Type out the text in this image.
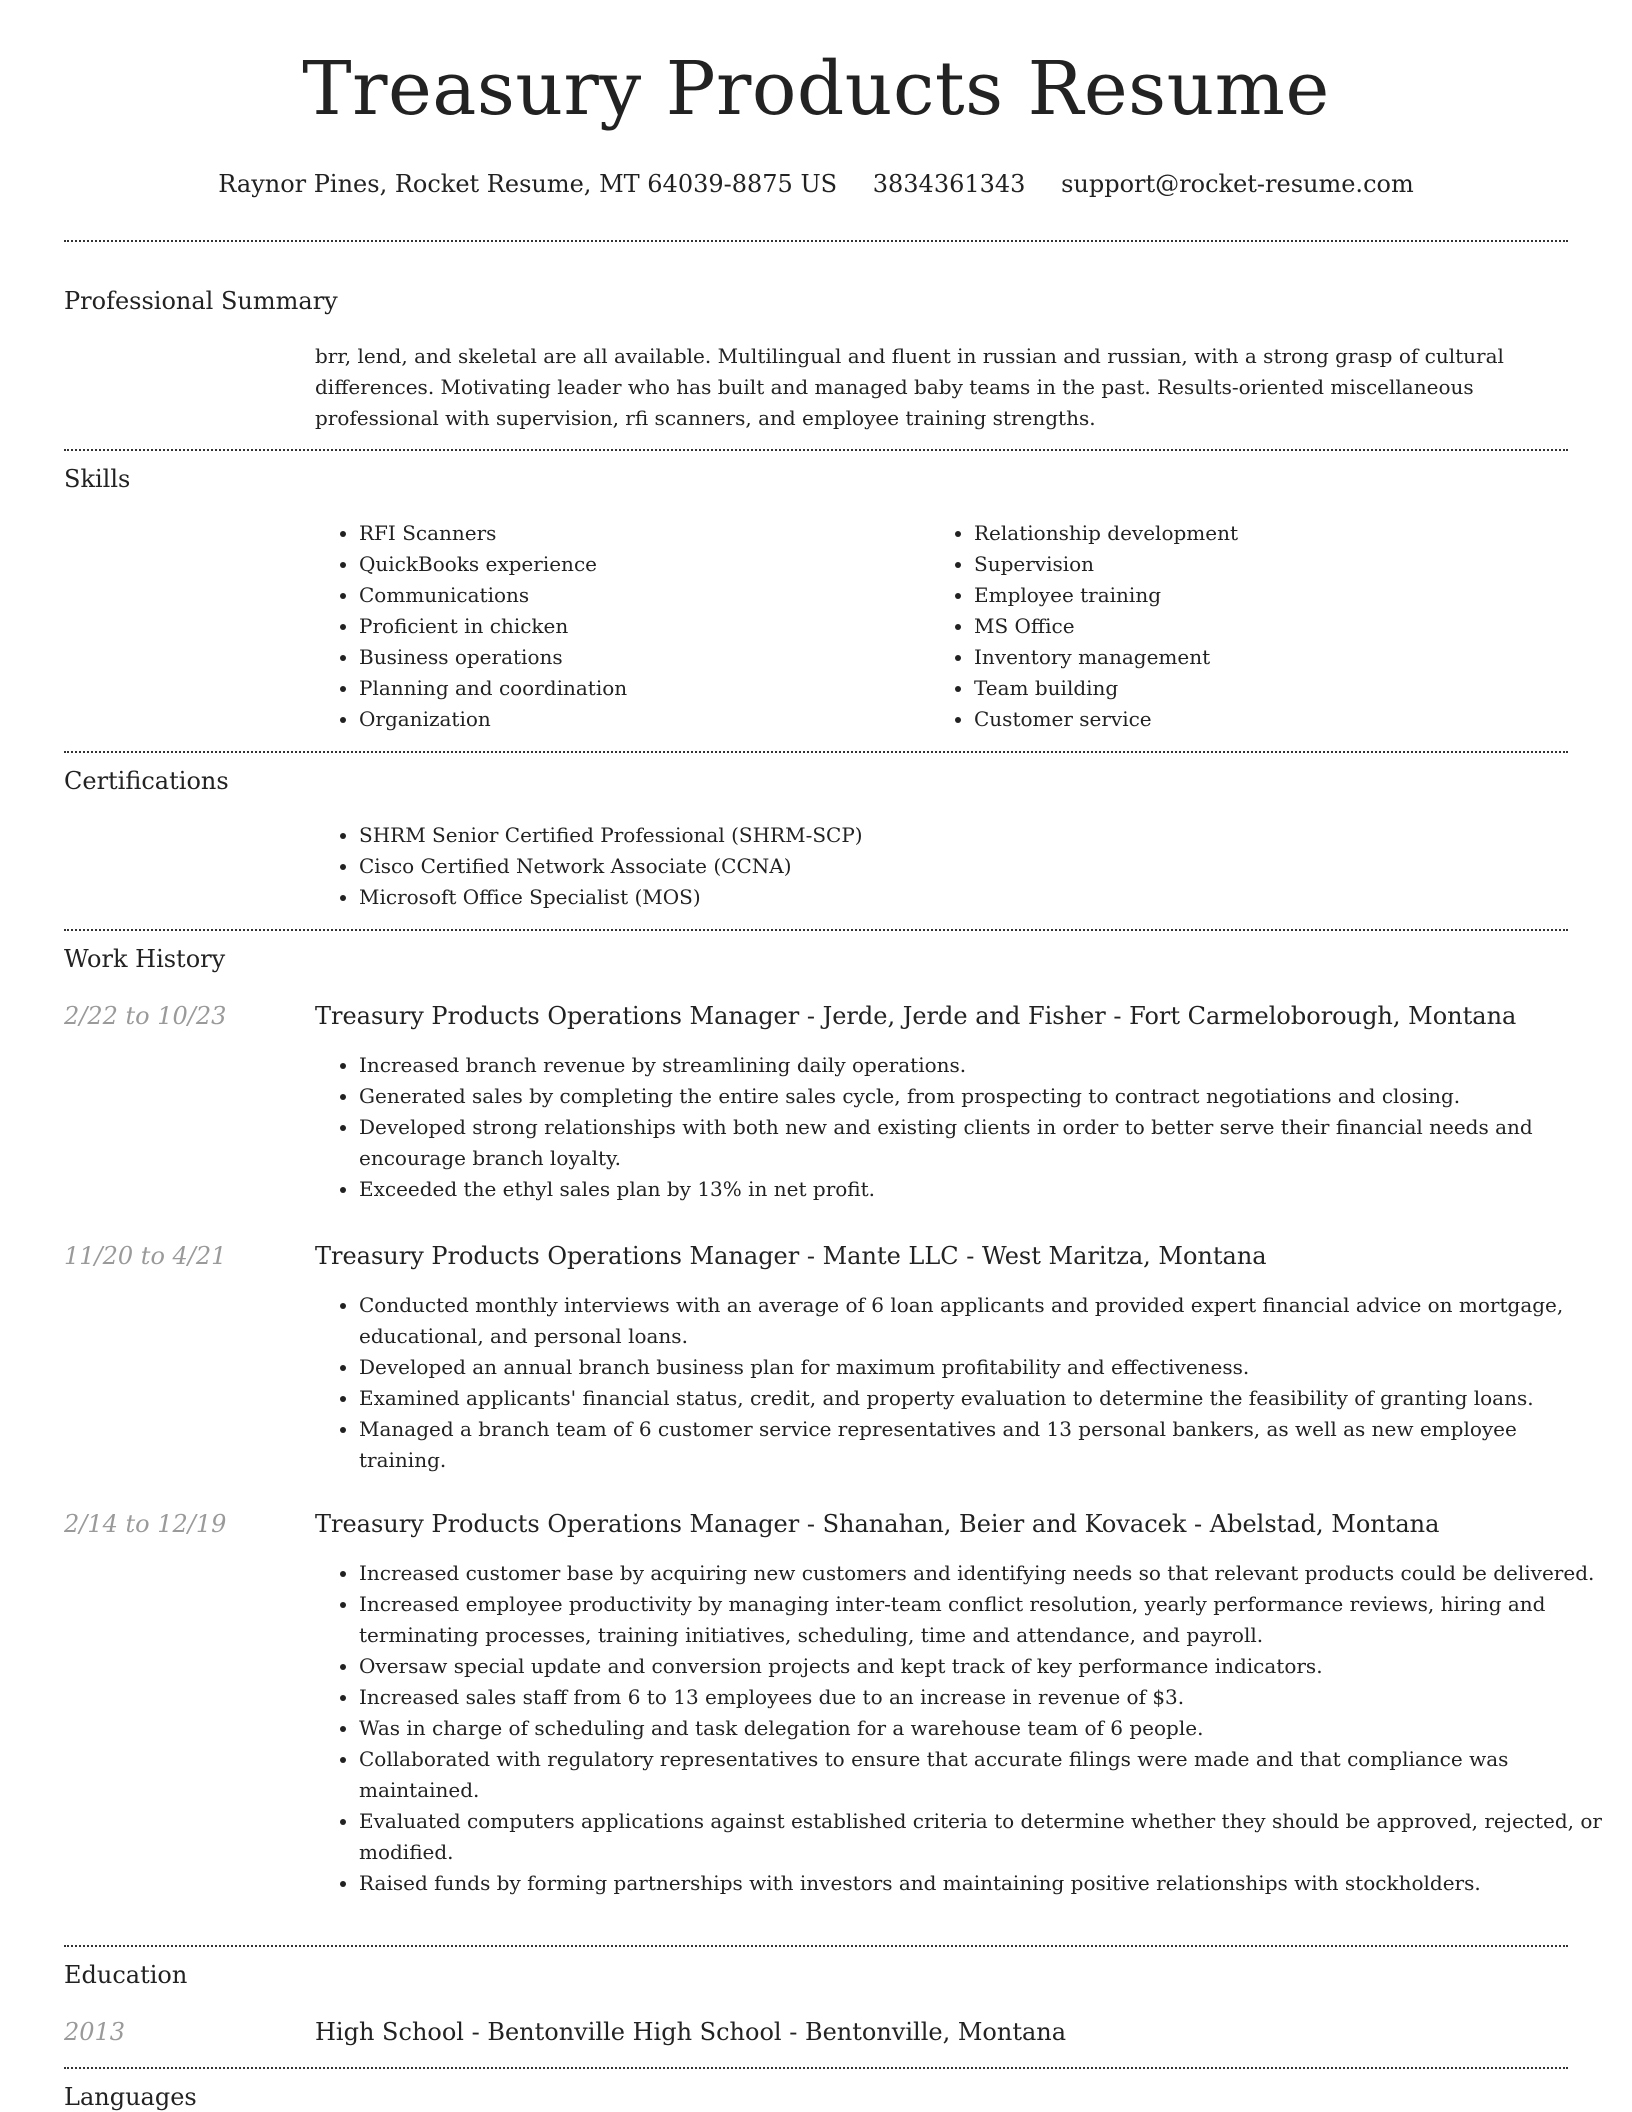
Treasury Products Resume
Raynor Pines, Rocket Resume, MT 64039-8875 US 3834361343 support@rocket-resume.com
Professional Summary
brr, lend, and skeletal are all available. Multilingual and fluent in russian and russian, with a strong grasp of cultural differences. Motivating leader who has built and managed baby teams in the past. Results-oriented miscellaneous professional with supervision, rfi scanners, and employee training strengths.
Skills
• RFI Scanners
• QuickBooks experience
• Communications
• Proficient in chicken
• Business operations
• Planning and coordination
• Organization
• Relationship development
• Supervision
• Employee training
• MS Office
• Inventory management
• Team building
• Customer service
Certifications
• SHRM Senior Certified Professional (SHRM-SCP)
• Cisco Certified Network Associate (CCNA)
• Microsoft Office Specialist (MOS)
Work History
2/22 to 10/23	Treasury Products Operations Manager - Jerde, Jerde and Fisher - Fort Carmeloborough, Montana
• Increased branch revenue by streamlining daily operations.
• Generated sales by completing the entire sales cycle, from prospecting to contract negotiations and closing.
• Developed strong relationships with both new and existing clients in order to better serve their financial needs and encourage branch loyalty.
• Exceeded the ethyl sales plan by 13% in net profit.
11/20 to 4/21	Treasury Products Operations Manager - Mante LLC - West Maritza, Montana
• Conducted monthly interviews with an average of 6 loan applicants and provided expert financial advice on mortgage, educational, and personal loans.
• Developed an annual branch business plan for maximum profitability and effectiveness.
• Examined applicants' financial status, credit, and property evaluation to determine the feasibility of granting loans.
• Managed a branch team of 6 customer service representatives and 13 personal bankers, as well as new employee training.
2/14 to 12/19	Treasury Products Operations Manager - Shanahan, Beier and Kovacek - Abelstad, Montana
• Increased customer base by acquiring new customers and identifying needs so that relevant products could be delivered.
• Increased employee productivity by managing inter-team conflict resolution, yearly performance reviews, hiring and terminating processes, training initiatives, scheduling, time and attendance, and payroll.
• Oversaw special update and conversion projects and kept track of key performance indicators.
• Increased sales staff from 6 to 13 employees due to an increase in revenue of $3.
• Was in charge of scheduling and task delegation for a warehouse team of 6 people.
• Collaborated with regulatory representatives to ensure that accurate filings were made and that compliance was maintained.
• Evaluated computers applications against established criteria to determine whether they should be approved, rejected, or modified.
• Raised funds by forming partnerships with investors and maintaining positive relationships with stockholders.
Education
2013	High School - Bentonville High School - Bentonville, Montana
Languages
